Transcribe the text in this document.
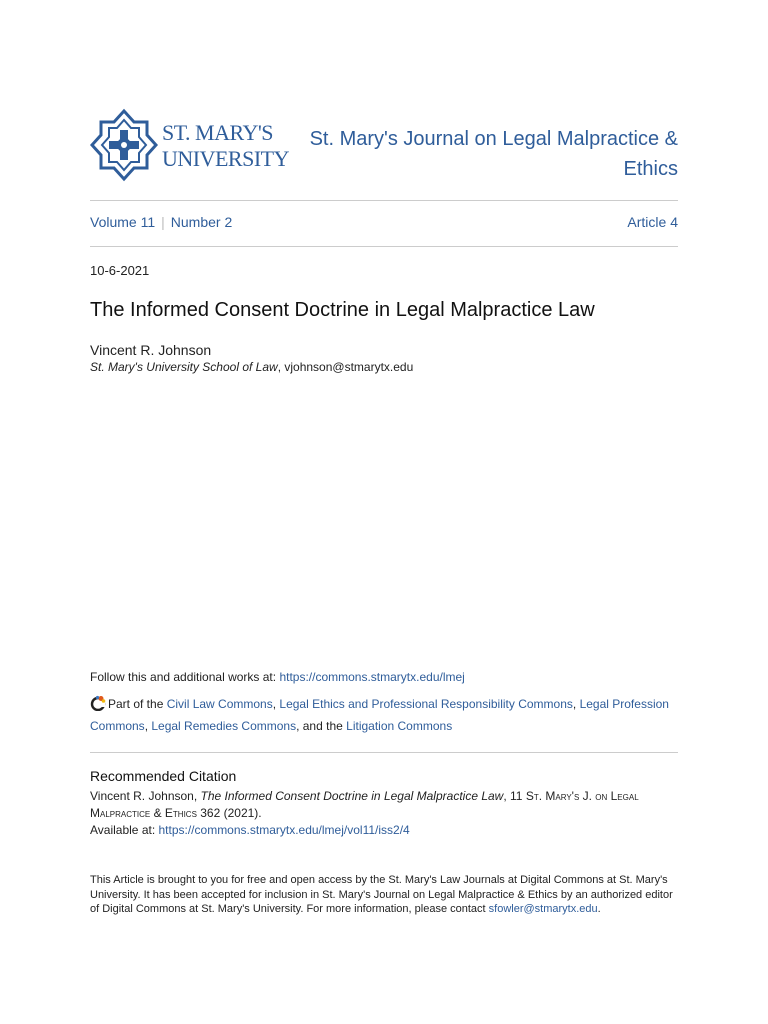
ST. MARY'S
UNIVERSITY
St. Mary's Journal on Legal Malpractice & Ethics
Volume 11 | Number 2	Article 4
10-6-2021
The Informed Consent Doctrine in Legal Malpractice Law
Vincent R. Johnson
St. Mary's University School of Law, vjohnson@stmarytx.edu
Follow this and additional works at: https://commons.stmarytx.edu/lmej
Part of the Civil Law Commons, Legal Ethics and Professional Responsibility Commons, Legal Profession Commons, Legal Remedies Commons, and the Litigation Commons
Recommended Citation
Vincent R. Johnson, The Informed Consent Doctrine in Legal Malpractice Law, 11 St. Mary's J. on Legal Malpractice & Ethics 362 (2021).
Available at: https://commons.stmarytx.edu/lmej/vol11/iss2/4
This Article is brought to you for free and open access by the St. Mary's Law Journals at Digital Commons at St. Mary's University. It has been accepted for inclusion in St. Mary's Journal on Legal Malpractice & Ethics by an authorized editor of Digital Commons at St. Mary's University. For more information, please contact sfowler@stmarytx.edu.
